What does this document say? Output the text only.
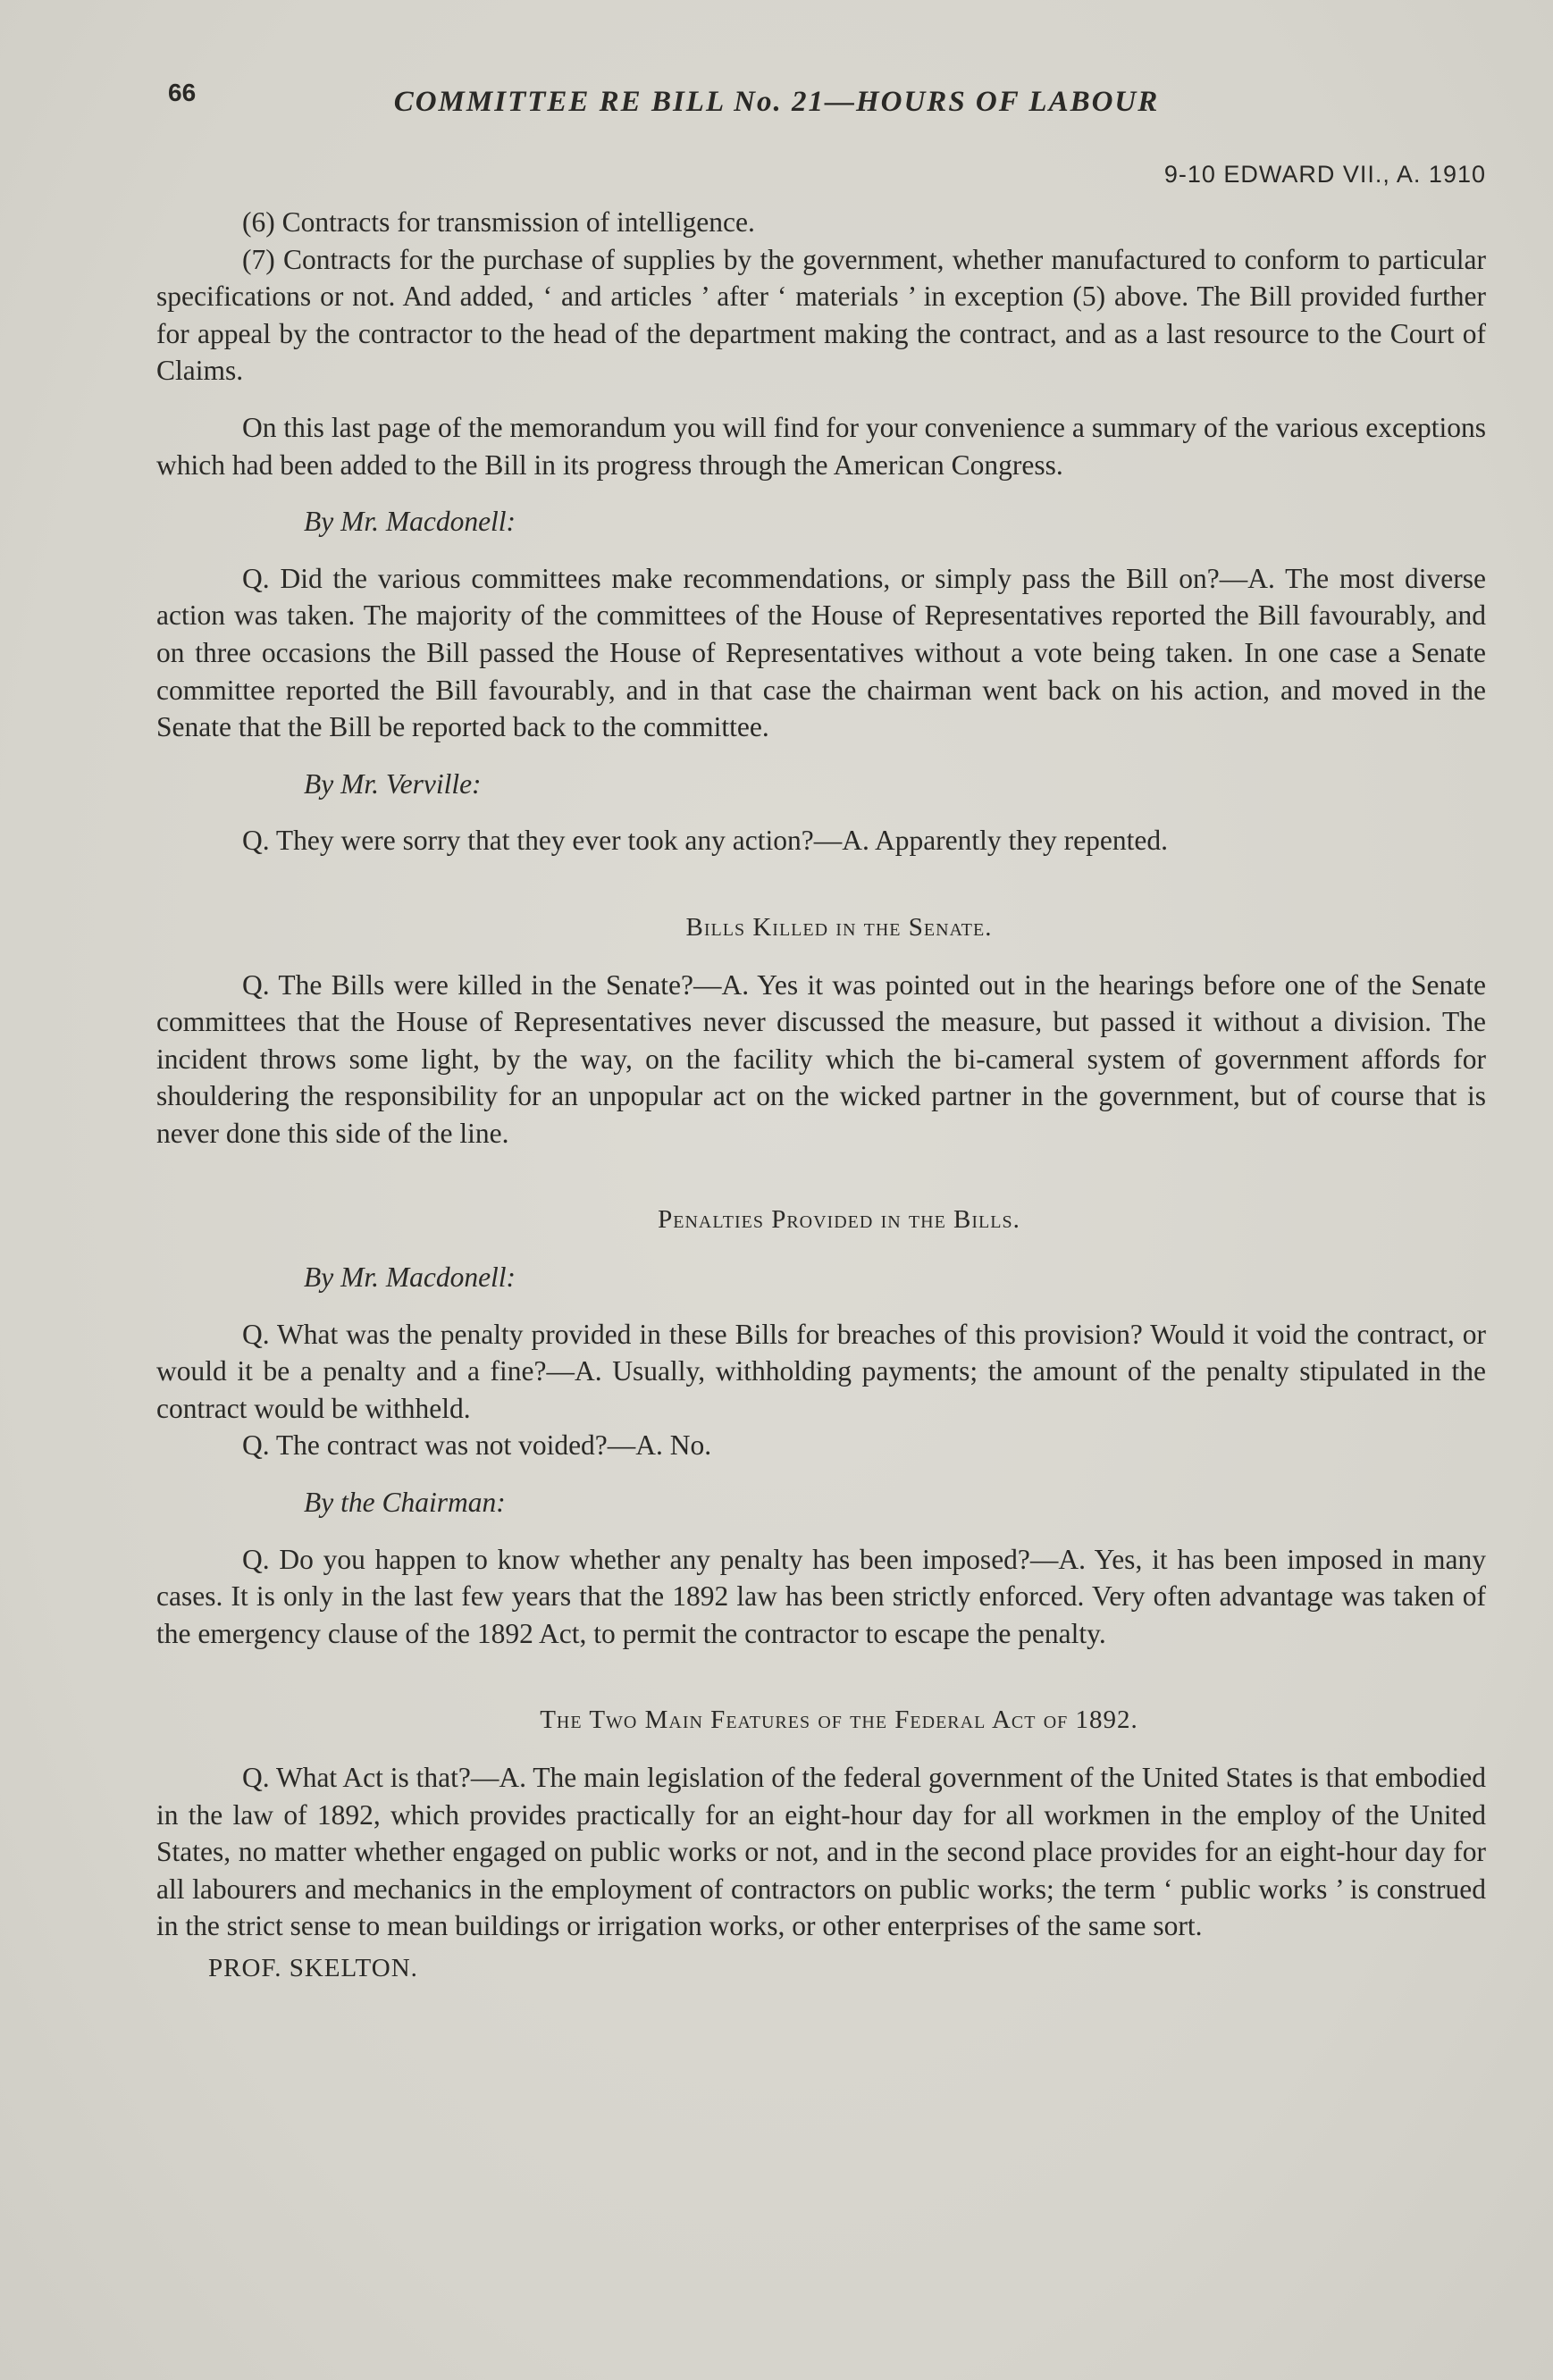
66	COMMITTEE RE BILL No. 21—HOURS OF LABOUR
9-10 EDWARD VII., A. 1910

(6) Contracts for transmission of intelligence.

(7) Contracts for the purchase of supplies by the government, whether manufactured to conform to particular specifications or not. And added, ‘ and articles ’ after ‘ materials ’ in exception (5) above. The Bill provided further for appeal by the contractor to the head of the department making the contract, and as a last resource to the Court of Claims.

On this last page of the memorandum you will find for your convenience a summary of the various exceptions which had been added to the Bill in its progress through the American Congress.

By Mr. Macdonell:

Q. Did the various committees make recommendations, or simply pass the Bill on?—A. The most diverse action was taken. The majority of the committees of the House of Representatives reported the Bill favourably, and on three occasions the Bill passed the House of Representatives without a vote being taken. In one case a Senate committee reported the Bill favourably, and in that case the chairman went back on his action, and moved in the Senate that the Bill be reported back to the committee.

By Mr. Verville:

Q. They were sorry that they ever took any action?—A. Apparently they repented.

Bills Killed in the Senate.

Q. The Bills were killed in the Senate?—A. Yes it was pointed out in the hearings before one of the Senate committees that the House of Representatives never discussed the measure, but passed it without a division. The incident throws some light, by the way, on the facility which the bi-cameral system of government affords for shouldering the responsibility for an unpopular act on the wicked partner in the government, but of course that is never done this side of the line.

Penalties Provided in the Bills.
By Mr. Macdonell:

Q. What was the penalty provided in these Bills for breaches of this provision? Would it void the contract, or would it be a penalty and a fine?—A. Usually, withholding payments; the amount of the penalty stipulated in the contract would be withheld.

Q. The contract was not voided?—A. No.

By the Chairman:

Q. Do you happen to know whether any penalty has been imposed?—A. Yes, it has been imposed in many cases. It is only in the last few years that the 1892 law has been strictly enforced. Very often advantage was taken of the emergency clause of the 1892 Act, to permit the contractor to escape the penalty.

The Two Main Features of the Federal Act of 1892.

Q. What Act is that?—A. The main legislation of the federal government of the United States is that embodied in the law of 1892, which provides practically for an eight-hour day for all workmen in the employ of the United States, no matter whether engaged on public works or not, and in the second place provides for an eight-hour day for all labourers and mechanics in the employment of contractors on public works; the term ‘ public works ’ is construed in the strict sense to mean buildings or irrigation works, or other enterprises of the same sort.

PROF. SKELTON.
